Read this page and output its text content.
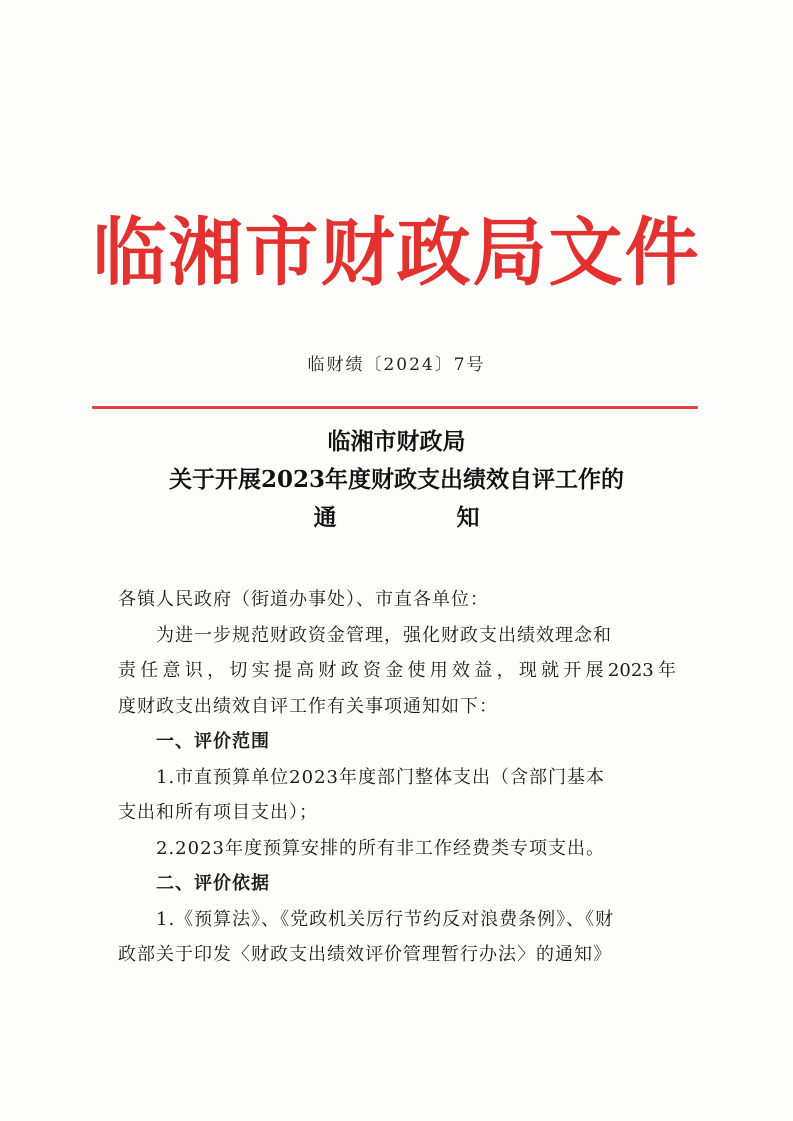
临湘市财政局文件
临财绩〔2024〕7号
临湘市财政局
关于开展2023年度财政支出绩效自评工作的
通	知
各镇人民政府（街道办事处）、市直各单位：
为进一步规范财政资金管理，强化财政支出绩效理念和
责任意识，切实提高财政资金使用效益，现就开展2023年
度财政支出绩效自评工作有关事项通知如下：
一、评价范围
1.市直预算单位2023年度部门整体支出（含部门基本
支出和所有项目支出）；
2.2023年度预算安排的所有非工作经费类专项支出。
二、评价依据
1.《预算法》、《党政机关厉行节约反对浪费条例》、《财
政部关于印发〈财政支出绩效评价管理暂行办法〉的通知》
